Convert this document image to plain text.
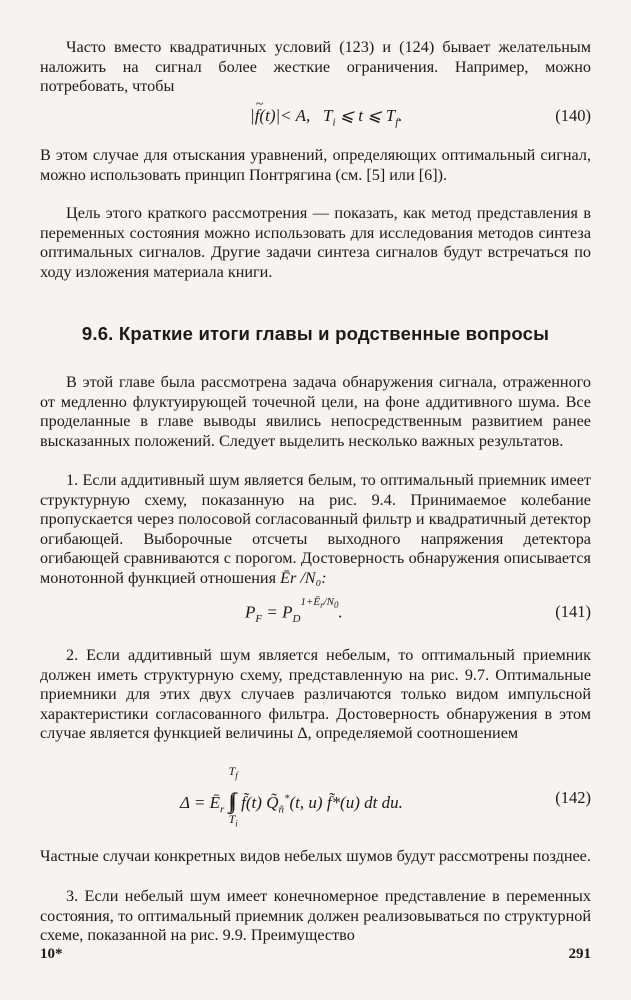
Часто вместо квадратичных условий (123) и (124) бывает желательным наложить на сигнал более жесткие ограничения. Например, можно потребовать, чтобы

|f
~
(t)|< A,   $T_i$ ⩽ t ⩽ $T_f$.	(140)

В этом случае для отыскания уравнений, определяющих оптимальный сигнал, можно использовать принцип Понтрягина (см. [5] или [6]).

Цель этого краткого рассмотрения — показать, как метод представления в переменных состояния можно использовать для исследования методов синтеза оптимальных сигналов. Другие задачи синтеза сигналов будут встречаться по ходу изложения материала книги.

9.6. Краткие итоги главы и родственные вопросы

В этой главе была рассмотрена задача обнаружения сигнала, отраженного от медленно флуктуирующей точечной цели, на фоне аддитивного шума. Все проделанные в главе выводы явились непосредственным развитием ранее высказанных положений. Следует выделить несколько важных результатов.

1. Если аддитивный шум является белым, то оптимальный приемник имеет структурную схему, показанную на рис. 9.4. Принимаемое колебание пропускается через полосовой согласованный фильтр и квадратичный детектор огибающей. Выборочные отсчеты выходного напряжения детектора огибающей сравниваются с порогом. Достоверность обнаружения описывается монотонной функцией отношения Ēr /N₀:

$P_F = P_D^{1+Ē_r/N_0}$.	(141)

2. Если аддитивный шум является небелым, то оптимальный приемник должен иметь структурную схему, представленную на рис. 9.7. Оптимальные приемники для этих двух случаев различаются только видом импульсной характеристики согласованного фильтра. Достоверность обнаружения в этом случае является функцией величины Δ, определяемой соотношением

$\Delta = Ē_r$ ∫∫
$T_f$
$T_i$
f̃(t) $Q̃_ñ^*(t$, u) f̃*(u) dt du.	(142)

Частные случаи конкретных видов небелых шумов будут рассмотрены позднее.

3. Если небелый шум имеет конечномерное представление в переменных состояния, то оптимальный приемник должен реализовываться по структурной схеме, показанной на рис. 9.9. Преимущество

10*	291
